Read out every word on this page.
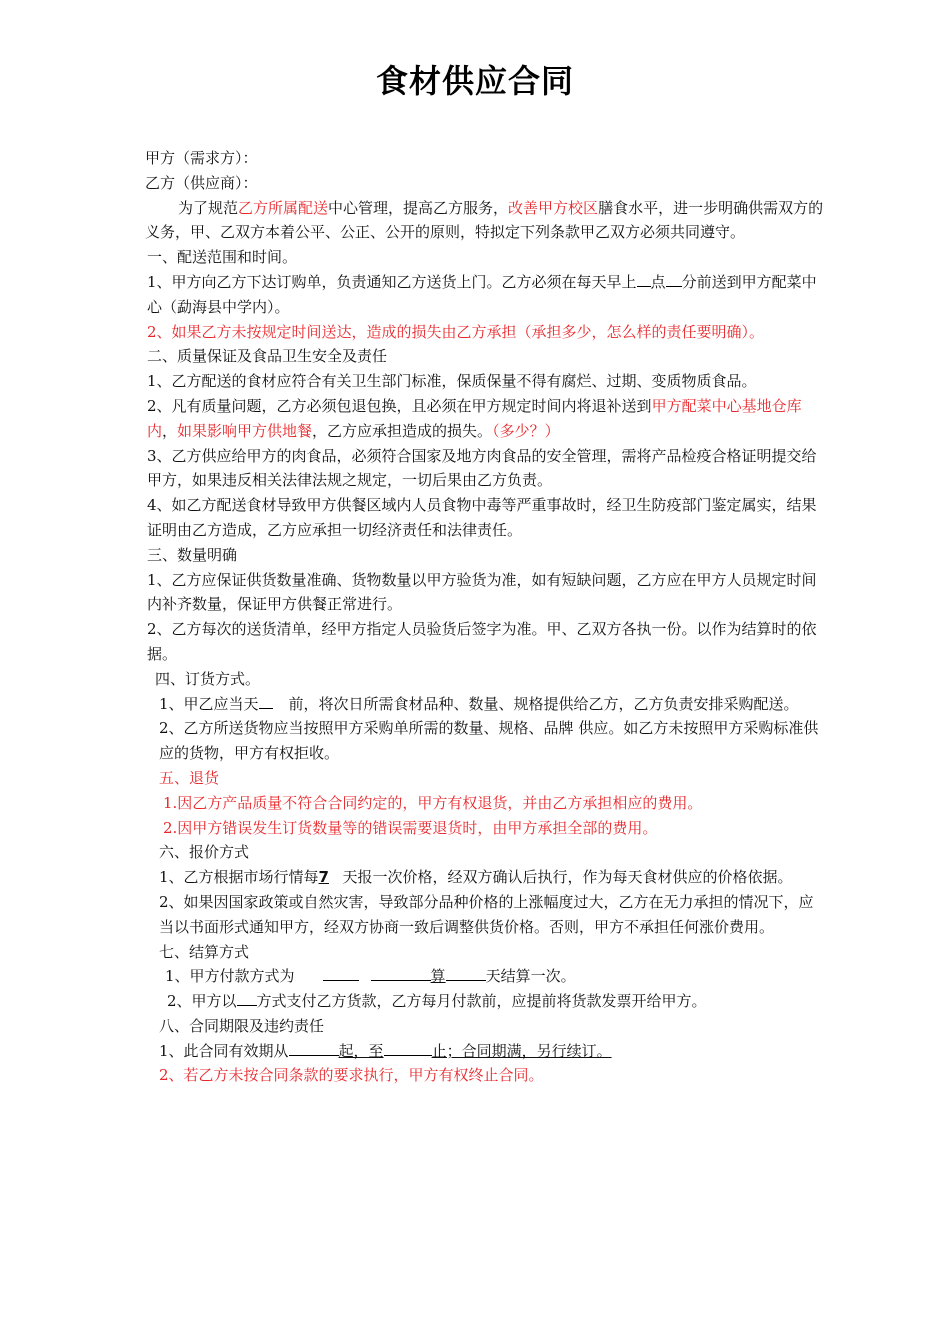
食材供应合同

甲方（需求方）：

乙方（供应商）：

为了规范乙方所属配送中心管理，提高乙方服务，改善甲方校区膳食水平，进一步明确供需双方的义务，甲、乙双方本着公平、公正、公开的原则，特拟定下列条款甲乙双方必须共同遵守。

一、配送范围和时间。

1、甲方向乙方下达订购单，负责通知乙方送货上门。乙方必须在每天早上 点 分前送到甲方配菜中心（勐海县中学内）。

2、如果乙方未按规定时间送达，造成的损失由乙方承担（承担多少，怎么样的责任要明确）。

二、质量保证及食品卫生安全及责任

1、乙方配送的食材应符合有关卫生部门标准，保质保量不得有腐烂、过期、变质物质食品。

2、凡有质量问题，乙方必须包退包换，且必须在甲方规定时间内将退补送到甲方配菜中心基地仓库内，如果影响甲方供地餐，乙方应承担造成的损失。（多少？）

3、乙方供应给甲方的肉食品，必须符合国家及地方肉食品的安全管理，需将产品检疫合格证明提交给甲方，如果违反相关法律法规之规定，一切后果由乙方负责。

4、如乙方配送食材导致甲方供餐区域内人员食物中毒等严重事故时，经卫生防疫部门鉴定属实，结果证明由乙方造成，乙方应承担一切经济责任和法律责任。

三、数量明确

1、乙方应保证供货数量准确、货物数量以甲方验货为准，如有短缺问题，乙方应在甲方人员规定时间内补齐数量，保证甲方供餐正常进行。

2、乙方每次的送货清单，经甲方指定人员验货后签字为准。甲、乙双方各执一份。以作为结算时的依据。

四、订货方式。

1、甲乙应当天 前，将次日所需食材品种、数量、规格提供给乙方，乙方负责安排采购配送。

2、乙方所送货物应当按照甲方采购单所需的数量、规格、品牌 供应。如乙方未按照甲方采购标准供应的货物，甲方有权拒收。

五、退货

1.因乙方产品质量不符合合同约定的，甲方有权退货，并由乙方承担相应的费用。

2.因甲方错误发生订货数量等的错误需要退货时，由甲方承担全部的费用。

六、报价方式

1、乙方根据市场行情每7 天报一次价格，经双方确认后执行，作为每天食材供应的价格依据。

2、如果因国家政策或自然灾害，导致部分品种价格的上涨幅度过大，乙方在无力承担的情况下，应当以书面形式通知甲方，经双方协商一致后调整供货价格。否则，甲方不承担任何涨价费用。

七、结算方式

1、甲方付款方式为	算	天结算一次。

2、甲方以 方式支付乙方货款，乙方每月付款前，应提前将货款发票开给甲方。

八、合同期限及违约责任

1、此合同有效期从	起，至	止；合同期满，另行续订。

2、若乙方未按合同条款的要求执行，甲方有权终止合同。
